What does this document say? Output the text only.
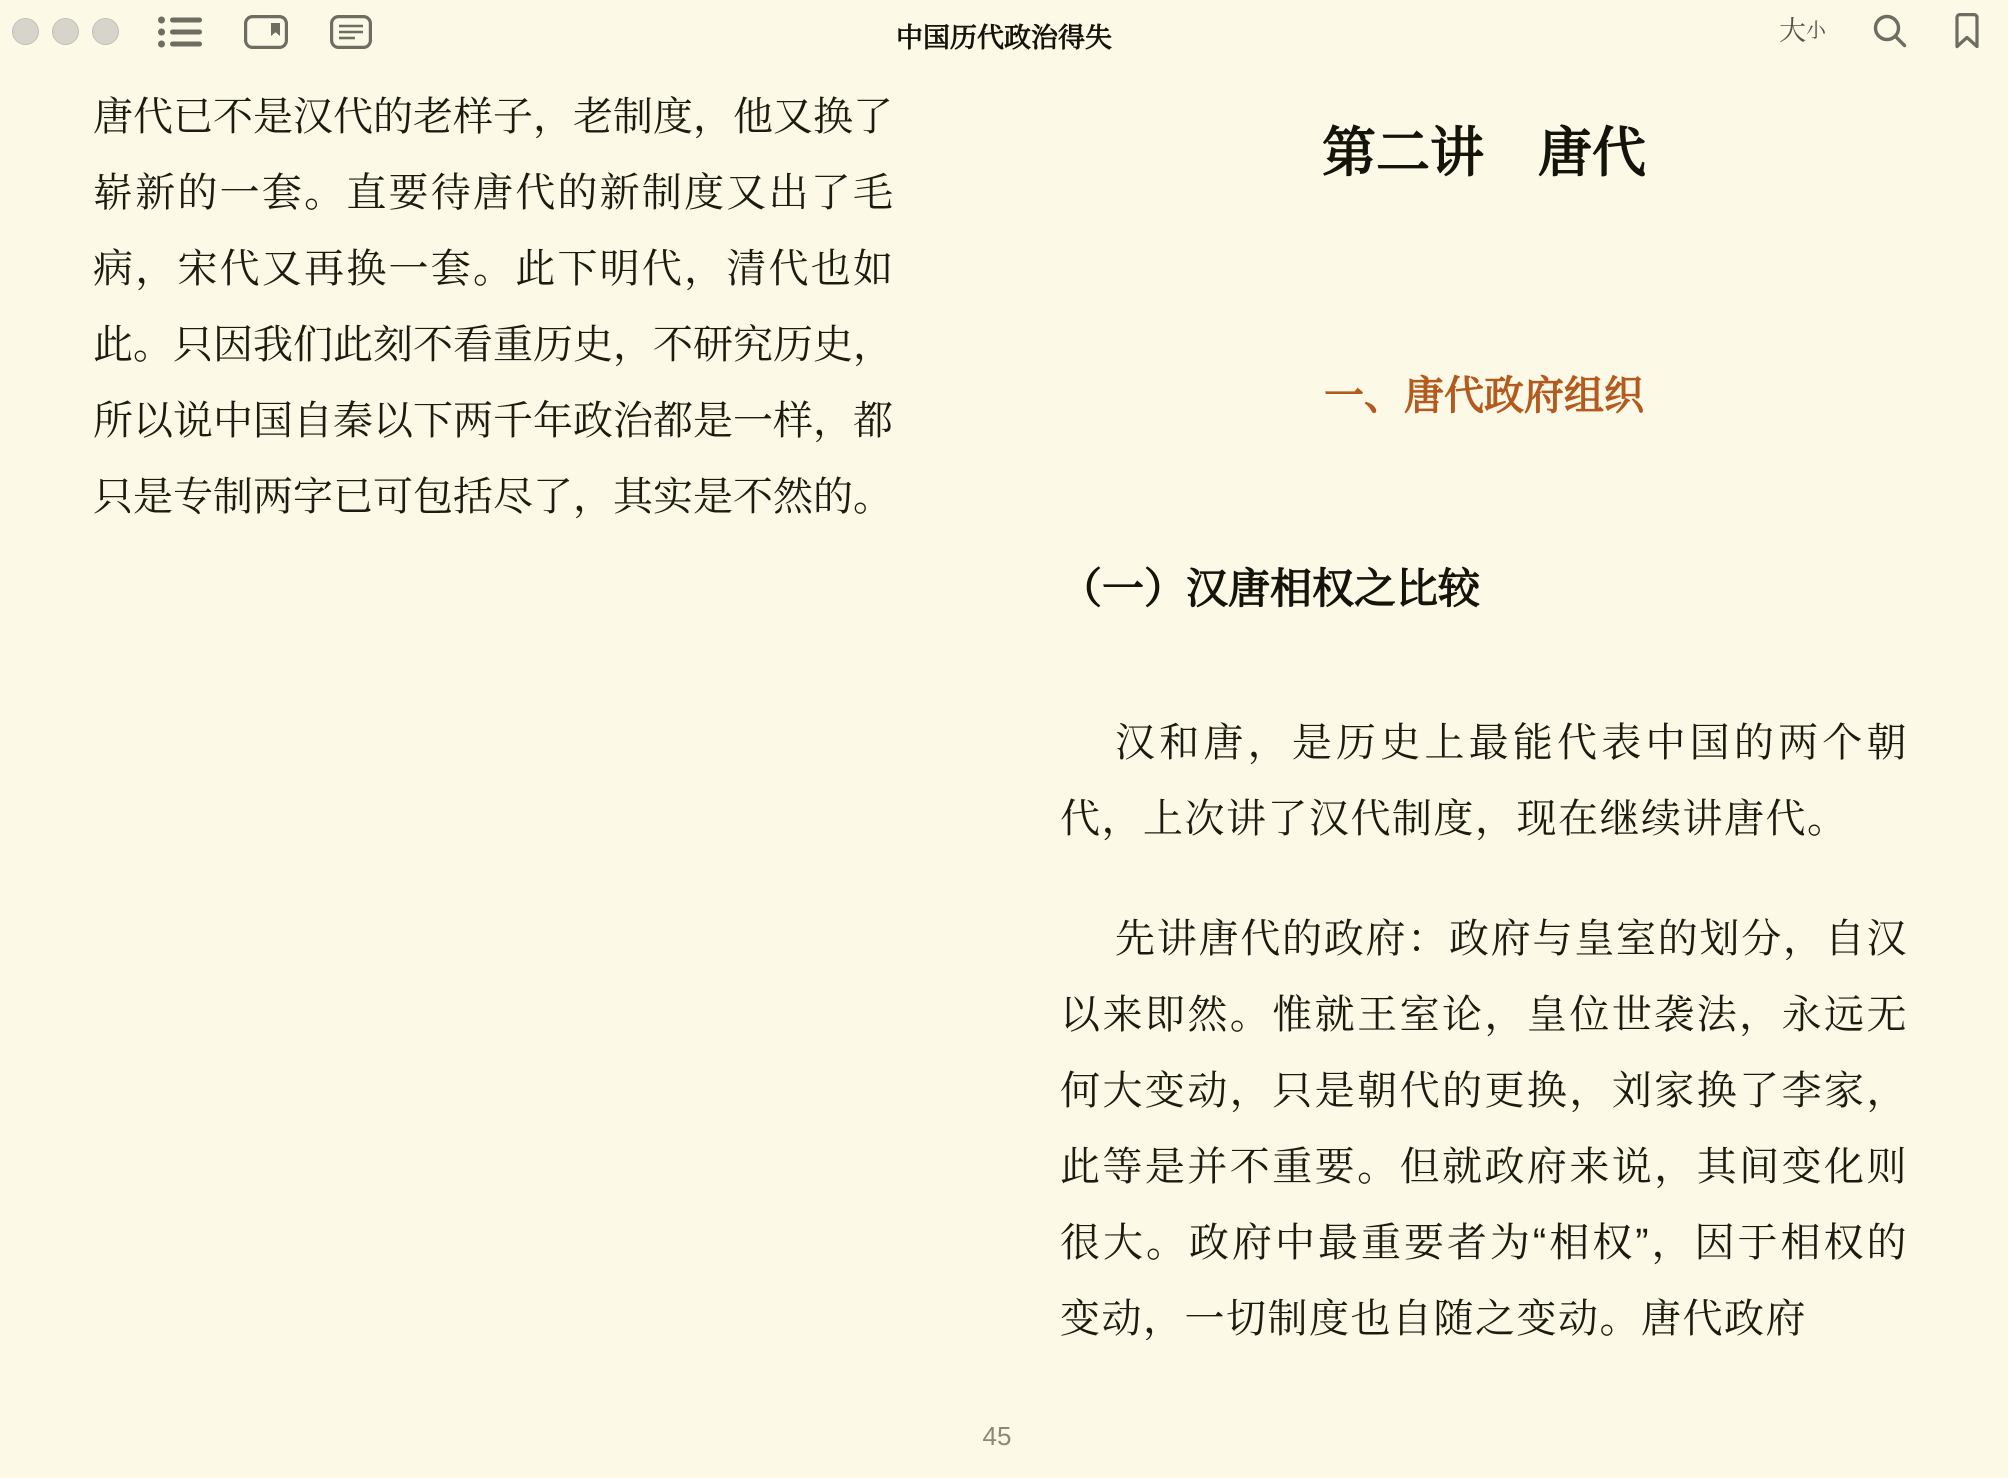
中国历代政治得失	大 小

唐代已不是汉代的老样子，老制度，他又换了崭新的一套。直要待唐代的新制度又出了毛病，宋代又再换一套。此下明代，清代也如此。只因我们此刻不看重历史，不研究历史，所以说中国自秦以下两千年政治都是一样，都只是专制两字已可包括尽了，其实是不然的。

第二讲　唐代
一、唐代政府组织
（一）汉唐相权之比较

汉和唐，是历史上最能代表中国的两个朝代，上次讲了汉代制度，现在继续讲唐代。

先讲唐代的政府：政府与皇室的划分，自汉以来即然。惟就王室论，皇位世袭法，永远无何大变动，只是朝代的更换，刘家换了李家，此等是并不重要。但就政府来说，其间变化则很大。政府中最重要者为“相权”，因于相权的变动，一切制度也自随之变动。唐代政府

45
